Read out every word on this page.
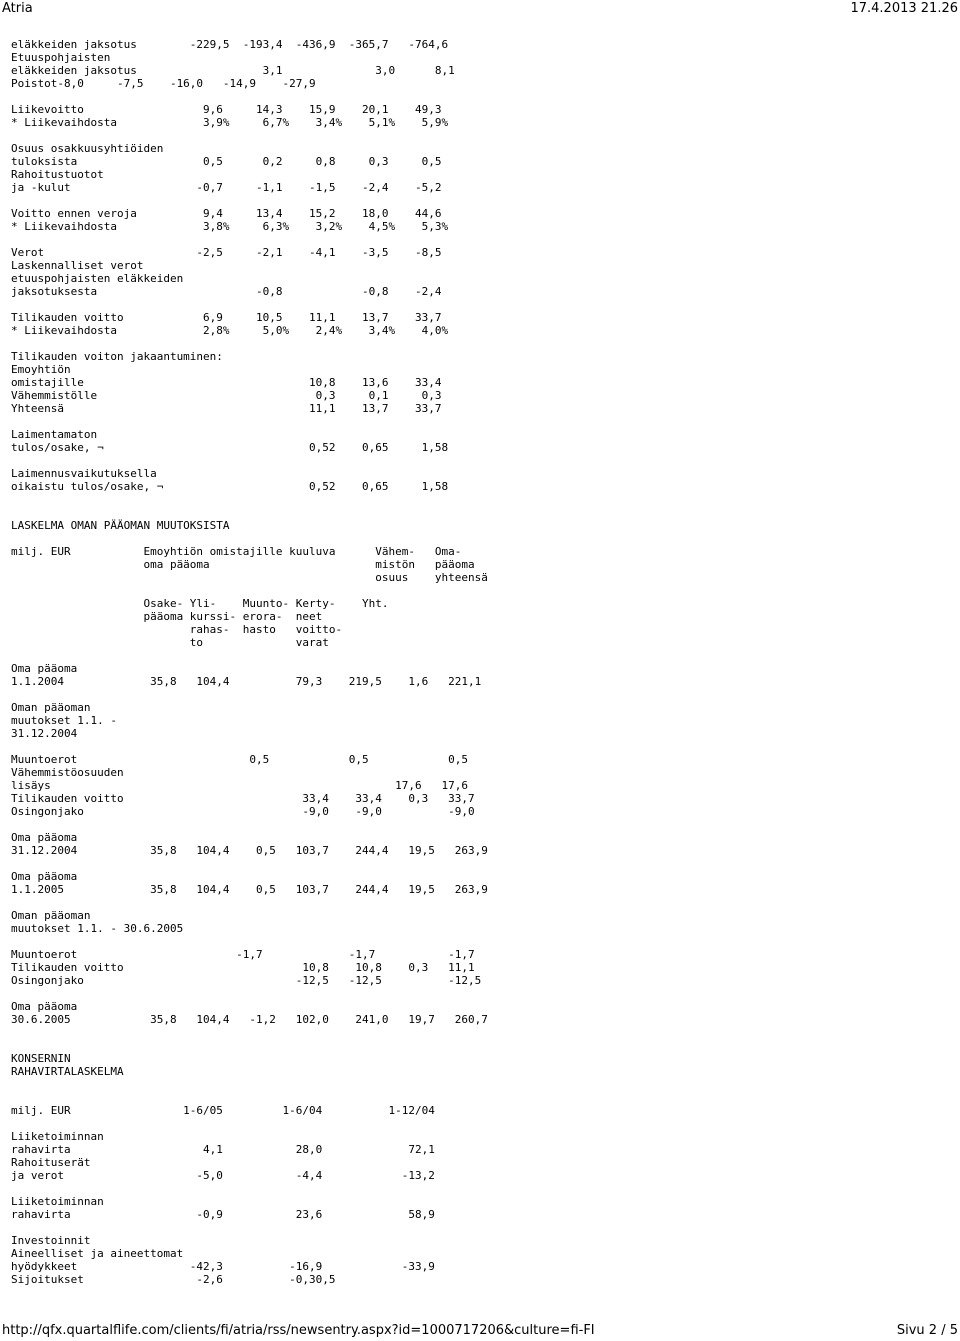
Atria	17.4.2013 21.26
eläkkeiden jaksotus        -229,5  -193,4  -436,9  -365,7   -764,6
Etuuspohjaisten
eläkkeiden jaksotus                   3,1              3,0      8,1
Poistot-8,0     -7,5    -16,0   -14,9    -27,9
Liikevoitto                  9,6     14,3    15,9    20,1    49,3
* Liikevaihdosta             3,9%     6,7%    3,4%    5,1%    5,9%
Osuus osakkuusyhtiöiden
tuloksista                   0,5      0,2     0,8     0,3     0,5
Rahoitustuotot
ja -kulut                   -0,7     -1,1    -1,5    -2,4    -5,2
Voitto ennen veroja          9,4     13,4    15,2    18,0    44,6
* Liikevaihdosta             3,8%     6,3%    3,2%    4,5%    5,3%
Verot                       -2,5     -2,1    -4,1    -3,5    -8,5
Laskennalliset verot
etuuspohjaisten eläkkeiden
jaksotuksesta                        -0,8            -0,8    -2,4
Tilikauden voitto            6,9     10,5    11,1    13,7    33,7
* Liikevaihdosta             2,8%     5,0%    2,4%    3,4%    4,0%
Tilikauden voiton jakaantuminen:
Emoyhtiön
omistajille                                  10,8    13,6    33,4
Vähemmistölle                                 0,3     0,1     0,3
Yhteensä                                     11,1    13,7    33,7
Laimentamaton
tulos/osake, ¬                               0,52    0,65     1,58
Laimennusvaikutuksella
oikaistu tulos/osake, ¬                      0,52    0,65     1,58
LASKELMA OMAN PÄÄOMAN MUUTOKSISTA
milj. EUR           Emoyhtiön omistajille kuuluva      Vähem-   Oma-
oma pääoma                         mistön   pääoma
osuus    yhteensä
Osake- Yli-    Muunto- Kerty-    Yht.
pääoma kurssi- erora-  neet
rahas-  hasto   voitto-
to              varat
Oma pääoma
1.1.2004             35,8   104,4          79,3    219,5    1,6   221,1
Oman pääoman
muutokset 1.1. -
31.12.2004
Muuntoerot                          0,5            0,5            0,5
Vähemmistöosuuden
lisäys                                                    17,6   17,6
Tilikauden voitto                           33,4    33,4    0,3   33,7
Osingonjako                                 -9,0    -9,0          -9,0
Oma pääoma
31.12.2004           35,8   104,4    0,5   103,7    244,4   19,5   263,9
Oma pääoma
1.1.2005             35,8   104,4    0,5   103,7    244,4   19,5   263,9
Oman pääoman
muutokset 1.1. - 30.6.2005
Muuntoerot                        -1,7             -1,7           -1,7
Tilikauden voitto                           10,8    10,8    0,3   11,1
Osingonjako                                -12,5   -12,5          -12,5
Oma pääoma
30.6.2005            35,8   104,4   -1,2   102,0    241,0   19,7   260,7
KONSERNIN
RAHAVIRTALASKELMA
milj. EUR                 1-6/05         1-6/04          1-12/04
Liiketoiminnan
rahavirta                    4,1           28,0             72,1
Rahoituserät
ja verot                    -5,0           -4,4            -13,2
Liiketoiminnan
rahavirta                   -0,9           23,6             58,9
Investoinnit
Aineelliset ja aineettomat
hyödykkeet                 -42,3          -16,9            -33,9
Sijoitukset                 -2,6          -0,30,5
http://qfx.quartalflife.com/clients/fi/atria/rss/newsentry.aspx?id=1000717206&culture=fi-FI	Sivu 2 / 5
